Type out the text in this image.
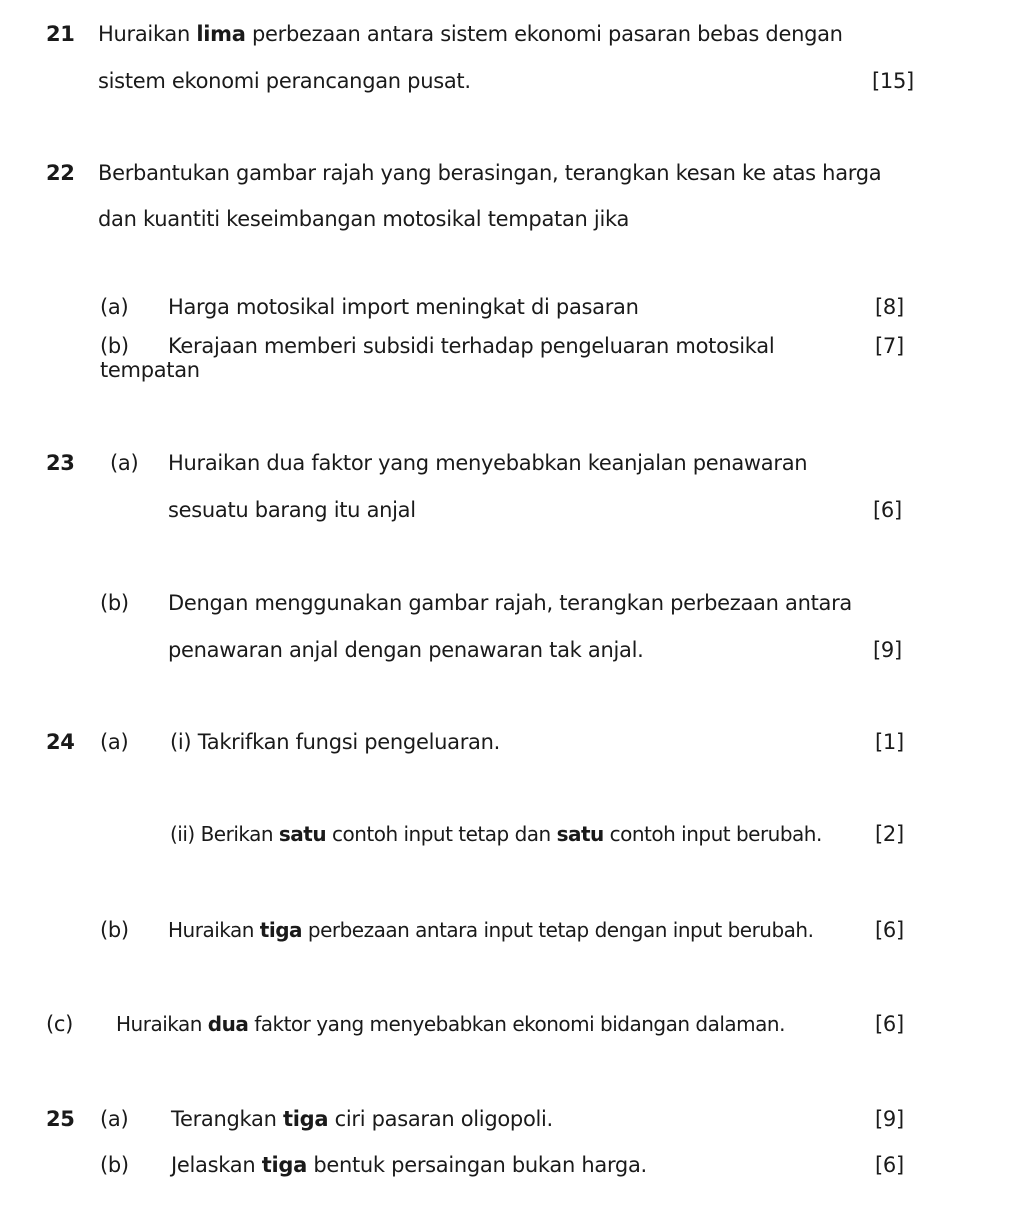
21 Huraikan lima perbezaan antara sistem ekonomi pasaran bebas dengan
sistem ekonomi perancangan pusat.	[15]
22 Berbantukan gambar rajah yang berasingan, terangkan kesan ke atas harga
dan kuantiti keseimbangan motosikal tempatan jika
(a) Harga motosikal import meningkat di pasaran	[8]
(b) Kerajaan memberi subsidi terhadap pengeluaran motosikal	[7]
tempatan
23 (a) Huraikan dua faktor yang menyebabkan keanjalan penawaran
sesuatu barang itu anjal	[6]
(b) Dengan menggunakan gambar rajah, terangkan perbezaan antara
penawaran anjal dengan penawaran tak anjal.	[9]
24 (a) (i) Takrifkan fungsi pengeluaran.	[1]
(ii) Berikan satu contoh input tetap dan satu contoh input berubah.	[2]
(b) Huraikan tiga perbezaan antara input tetap dengan input berubah.	[6]
(c) Huraikan dua faktor yang menyebabkan ekonomi bidangan dalaman.	[6]
25 (a) Terangkan tiga ciri pasaran oligopoli.	[9]
(b) Jelaskan tiga bentuk persaingan bukan harga.	[6]
